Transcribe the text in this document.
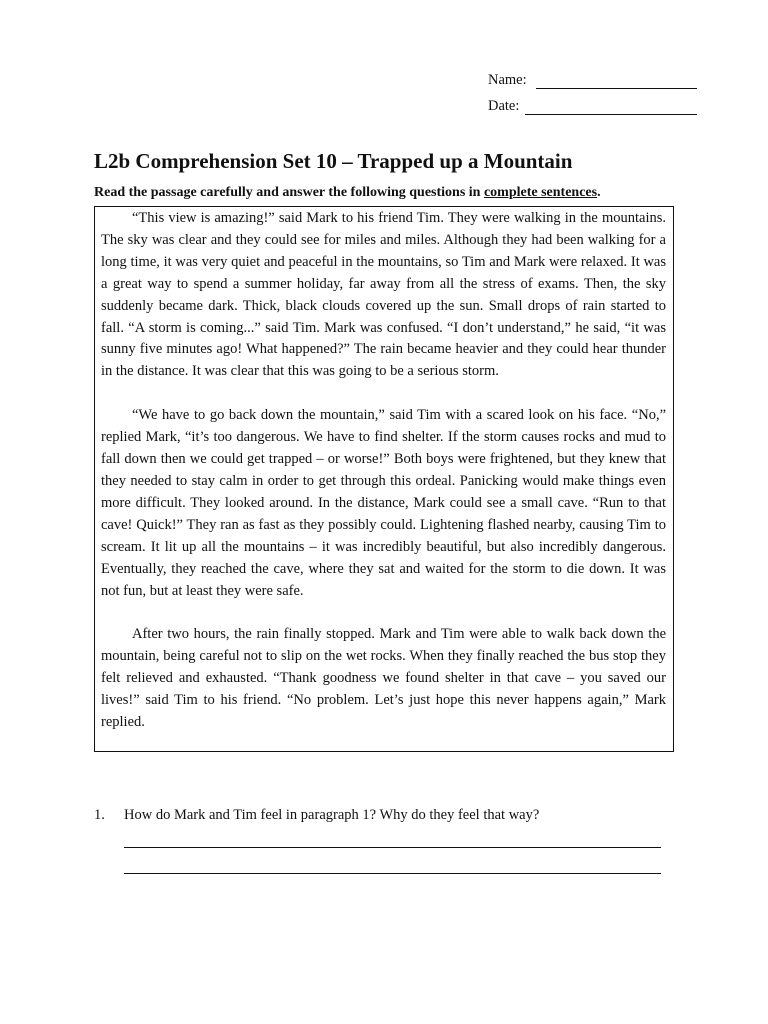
Name:
Date:
L2b Comprehension Set 10 – Trapped up a Mountain

Read the passage carefully and answer the following questions in complete sentences.

“This view is amazing!” said Mark to his friend Tim. They were walking in the mountains. The sky was clear and they could see for miles and miles. Although they had been walking for a long time, it was very quiet and peaceful in the mountains, so Tim and Mark were relaxed. It was a great way to spend a summer holiday, far away from all the stress of exams. Then, the sky suddenly became dark. Thick, black clouds covered up the sun. Small drops of rain started to fall. “A storm is coming...” said Tim. Mark was confused. “I don’t understand,” he said, “it was sunny five minutes ago! What happened?” The rain became heavier and they could hear thunder in the distance. It was clear that this was going to be a serious storm.

“We have to go back down the mountain,” said Tim with a scared look on his face. “No,” replied Mark, “it’s too dangerous. We have to find shelter. If the storm causes rocks and mud to fall down then we could get trapped – or worse!” Both boys were frightened, but they knew that they needed to stay calm in order to get through this ordeal. Panicking would make things even more difficult. They looked around. In the distance, Mark could see a small cave. “Run to that cave! Quick!” They ran as fast as they possibly could. Lightening flashed nearby, causing Tim to scream. It lit up all the mountains – it was incredibly beautiful, but also incredibly dangerous. Eventually, they reached the cave, where they sat and waited for the storm to die down. It was not fun, but at least they were safe.

After two hours, the rain finally stopped. Mark and Tim were able to walk back down the mountain, being careful not to slip on the wet rocks. When they finally reached the bus stop they felt relieved and exhausted. “Thank goodness we found shelter in that cave – you saved our lives!” said Tim to his friend. “No problem. Let’s just hope this never happens again,” Mark replied.

1. How do Mark and Tim feel in paragraph 1? Why do they feel that way?
